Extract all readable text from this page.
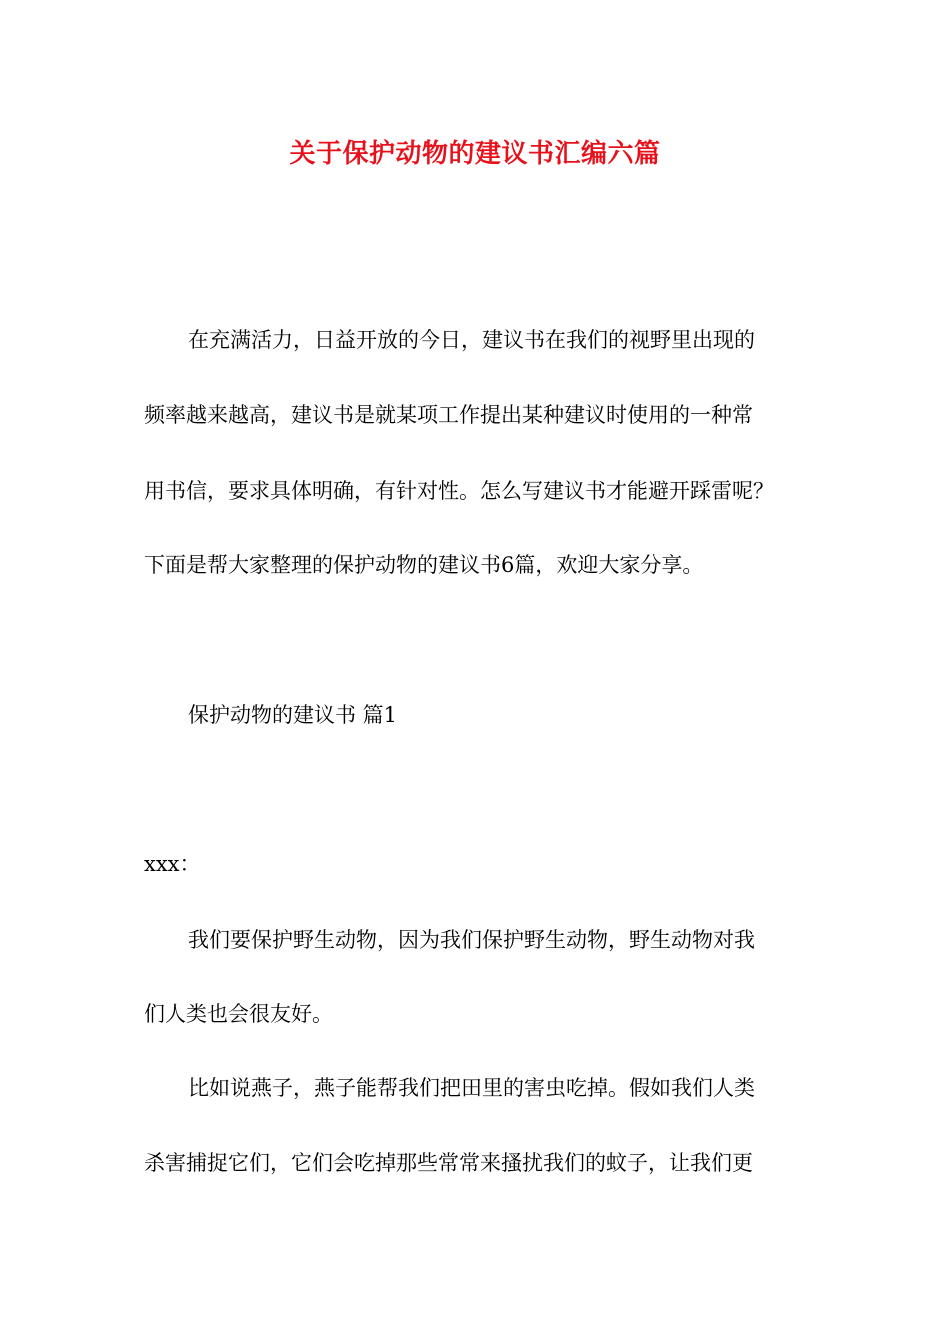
关于保护动物的建议书汇编六篇
在充满活力，日益开放的今日，建议书在我们的视野里出现的
频率越来越高，建议书是就某项工作提出某种建议时使用的一种常
用书信，要求具体明确，有针对性。怎么写建议书才能避开踩雷呢？
下面是帮大家整理的保护动物的建议书6篇，欢迎大家分享。
保护动物的建议书 篇1
xxx：
我们要保护野生动物，因为我们保护野生动物，野生动物对我
们人类也会很友好。
比如说燕子，燕子能帮我们把田里的害虫吃掉。假如我们人类
杀害捕捉它们，它们会吃掉那些常常来搔扰我们的蚊子，让我们更
